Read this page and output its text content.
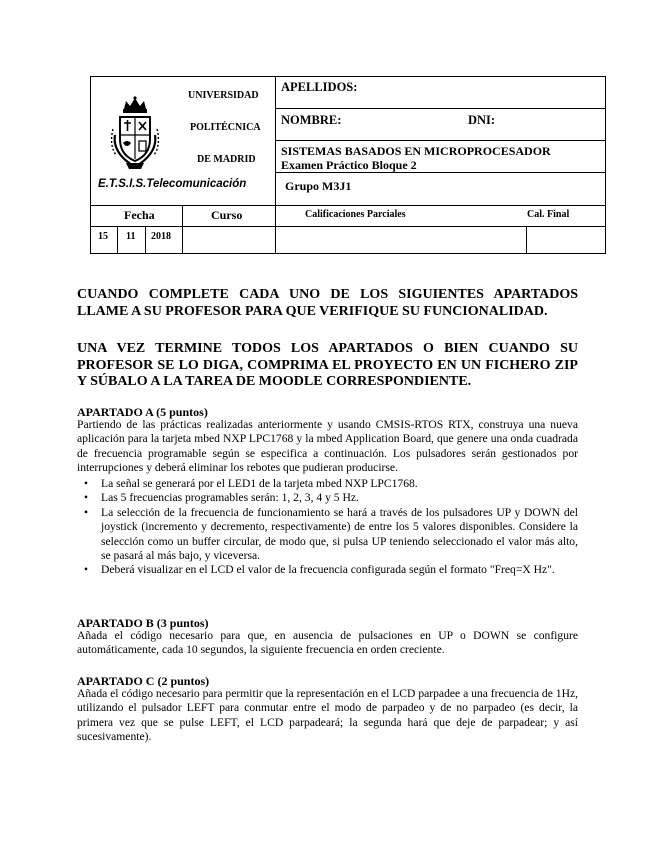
UNIVERSIDAD
POLITÉCNICA
DE MADRID
E.T.S.I.S.Telecomunicación
APELLIDOS:
NOMBRE:	DNI:
SISTEMAS BASADOS EN MICROPROCESADOR
Examen Práctico Bloque 2
Grupo M3J1
Fecha	Curso	Calificaciones Parciales	Cal. Final
15 11 2018

CUANDO COMPLETE CADA UNO DE LOS SIGUIENTES APARTADOS LLAME A SU PROFESOR PARA QUE VERIFIQUE SU FUNCIONALIDAD.

UNA VEZ TERMINE TODOS LOS APARTADOS O BIEN CUANDO SU PROFESOR SE LO DIGA, COMPRIMA EL PROYECTO EN UN FICHERO ZIP Y SÚBALO A LA TAREA DE MOODLE CORRESPONDIENTE.

APARTADO A (5 puntos)

Partiendo de las prácticas realizadas anteriormente y usando CMSIS-RTOS RTX, construya una nueva aplicación para la tarjeta mbed NXP LPC1768 y la mbed Application Board, que genere una onda cuadrada de frecuencia programable según se especifica a continuación. Los pulsadores serán gestionados por interrupciones y deberá eliminar los rebotes que pudieran producirse.

• La señal se generará por el LED1 de la tarjeta mbed NXP LPC1768.
• Las 5 frecuencias programables serán: 1, 2, 3, 4 y 5 Hz.
• La selección de la frecuencia de funcionamiento se hará a través de los pulsadores UP y DOWN del joystick (incremento y decremento, respectivamente) de entre los 5 valores disponibles. Considere la selección como un buffer circular, de modo que, si pulsa UP teniendo seleccionado el valor más alto, se pasará al más bajo, y viceversa.
• Deberá visualizar en el LCD el valor de la frecuencia configurada según el formato "Freq=X Hz".
APARTADO B (3 puntos)

Añada el código necesario para que, en ausencia de pulsaciones en UP o DOWN se configure automáticamente, cada 10 segundos, la siguiente frecuencia en orden creciente.

APARTADO C (2 puntos)

Añada el código necesario para permitir que la representación en el LCD parpadee a una frecuencia de 1Hz, utilizando el pulsador LEFT para conmutar entre el modo de parpadeo y de no parpadeo (es decir, la primera vez que se pulse LEFT, el LCD parpadeará; la segunda hará que deje de parpadear; y así sucesivamente).
